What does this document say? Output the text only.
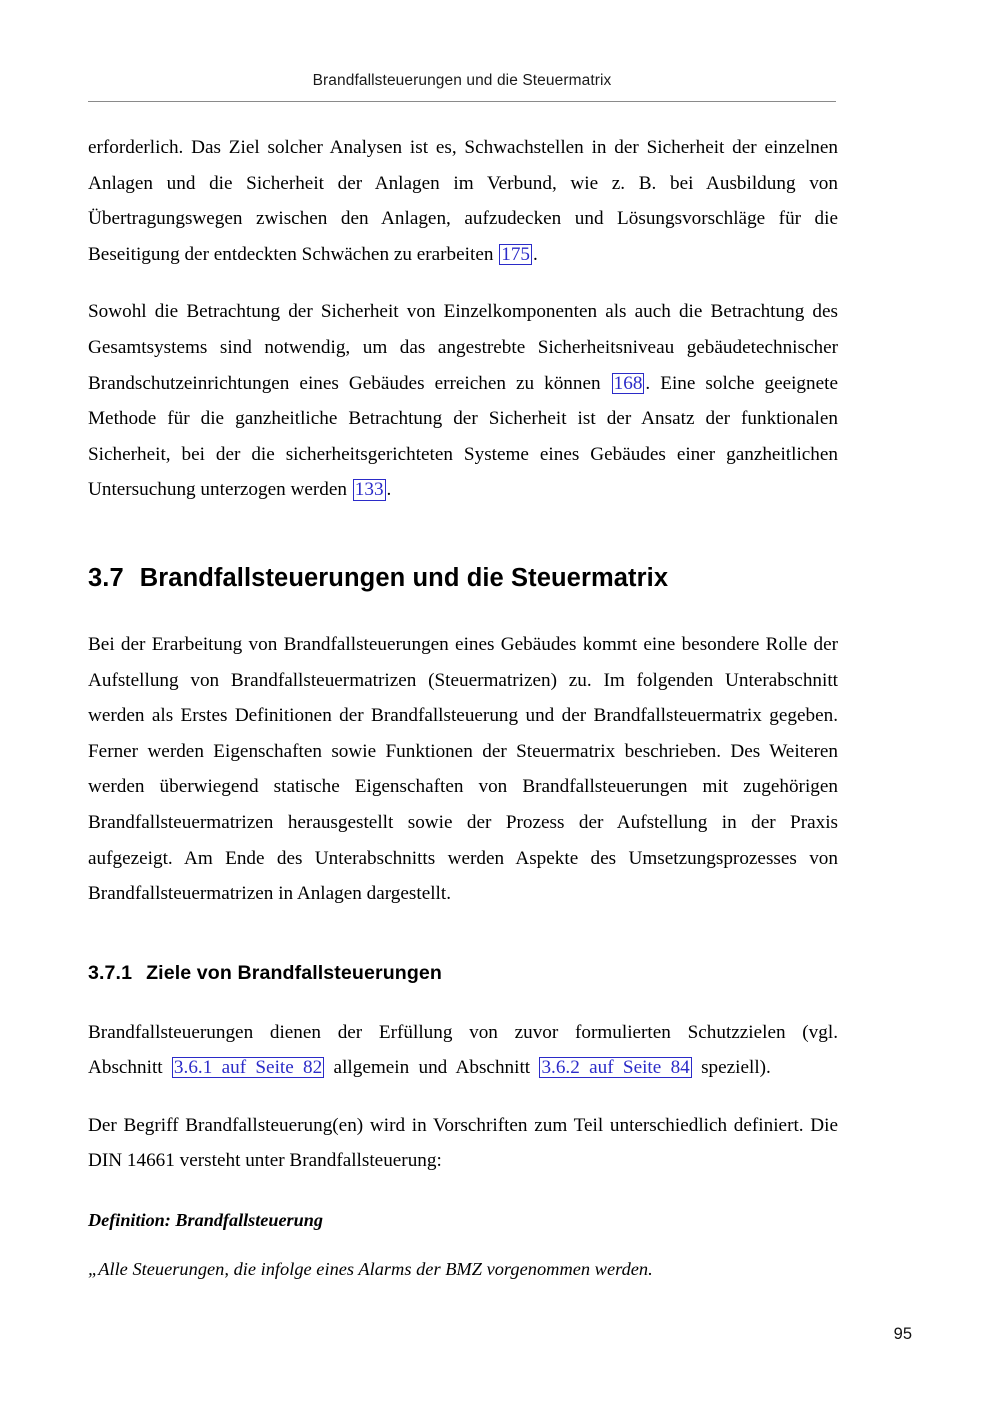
Brandfallsteuerungen und die Steuermatrix

erforderlich. Das Ziel solcher Analysen ist es, Schwachstellen in der Sicherheit der einzelnen Anlagen und die Sicherheit der Anlagen im Verbund, wie z. B. bei Ausbildung von Übertragungswegen zwischen den Anlagen, aufzudecken und Lösungsvorschläge für die Beseitigung der entdeckten Schwächen zu erarbeiten 175 .

Sowohl die Betrachtung der Sicherheit von Einzelkomponenten als auch die Betrachtung des Gesamtsystems sind notwendig, um das angestrebte Sicherheitsniveau gebäudetechnischer Brandschutzeinrichtungen eines Gebäudes erreichen zu können 168 . Eine solche geeignete Methode für die ganzheitliche Betrachtung der Sicherheit ist der Ansatz der funktionalen Sicherheit, bei der die sicherheitsgerichteten Systeme eines Gebäudes einer ganzheitlichen Untersuchung unterzogen werden 133 .

3.7 Brandfallsteuerungen und die Steuermatrix

Bei der Erarbeitung von Brandfallsteuerungen eines Gebäudes kommt eine besondere Rolle der Aufstellung von Brandfallsteuermatrizen (Steuermatrizen) zu. Im folgenden Unterabschnitt werden als Erstes Definitionen der Brandfallsteuerung und der Brandfallsteuermatrix gegeben. Ferner werden Eigenschaften sowie Funktionen der Steuermatrix beschrieben. Des Weiteren werden überwiegend statische Eigenschaften von Brandfallsteuerungen mit zugehörigen Brandfallsteuermatrizen herausgestellt sowie der Prozess der Aufstellung in der Praxis aufgezeigt. Am Ende des Unterabschnitts werden Aspekte des Umsetzungsprozesses von Brandfallsteuermatrizen in Anlagen dargestellt.

3.7.1 Ziele von Brandfallsteuerungen

Brandfallsteuerungen dienen der Erfüllung von zuvor formulierten Schutzzielen (vgl. Abschnitt 3.6.1 auf Seite 82 allgemein und Abschnitt 3.6.2 auf Seite 84 speziell).

Der Begriff Brandfallsteuerung(en) wird in Vorschriften zum Teil unterschiedlich definiert. Die DIN 14661 versteht unter Brandfallsteuerung:

Definition: Brandfallsteuerung

„Alle Steuerungen, die infolge eines Alarms der BMZ vorgenommen werden.

95
